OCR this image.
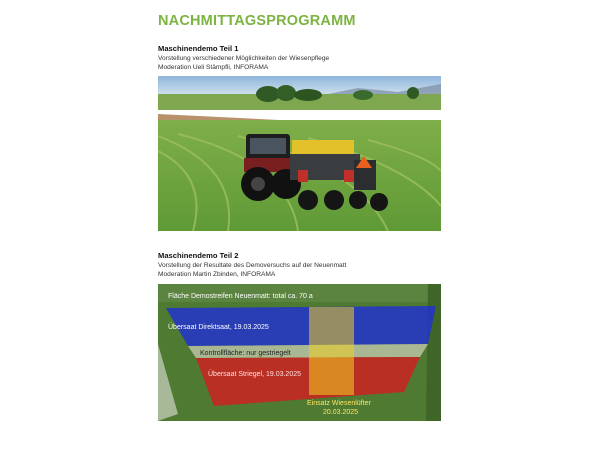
NACHMITTAGSPROGRAMM
Maschinendemo Teil 1
Vorstellung verschiedener Möglichkeiten der Wiesenpflege
Moderation Ueli Stämpfli, INFORAMA
Maschinendemo Teil 2
Vorstellung der Resultate des Demoversuchs auf der Neuenmatt
Moderation Martin Zbinden, INFORAMA
Fläche Demostreifen Neuenmatt: total ca. 70 a
Übersaat Direktsaat, 19.03.2025
Kontrollfläche: nur gestriegelt
Übersaat Striegel, 19.03.2025
Einsatz Wiesenlüfter
20.03.2025
